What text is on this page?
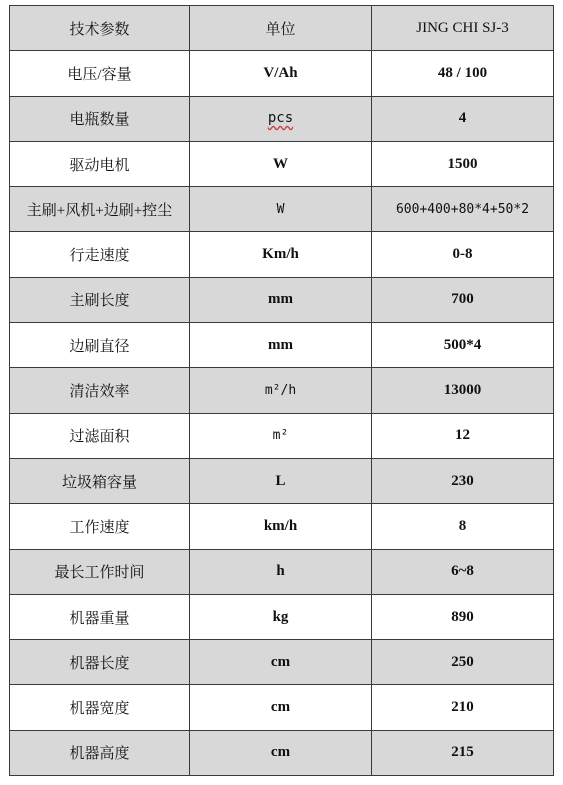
技术参数	单位	JING CHI SJ-3
电压/容量	V/Ah	48 / 100
电瓶数量	pcs	4
驱动电机	W	1500
主刷+风机+边刷+控尘	W	600+400+80*4+50*2
行走速度	Km/h	0-8
主刷长度	mm	700
边刷直径	mm	500*4
清洁效率	m²/h	13000
过滤面积	m²	12
垃圾箱容量	L	230
工作速度	km/h	8
最长工作时间	h	6~8
机器重量	kg	890
机器长度	cm	250
机器宽度	cm	210
机器高度	cm	215
